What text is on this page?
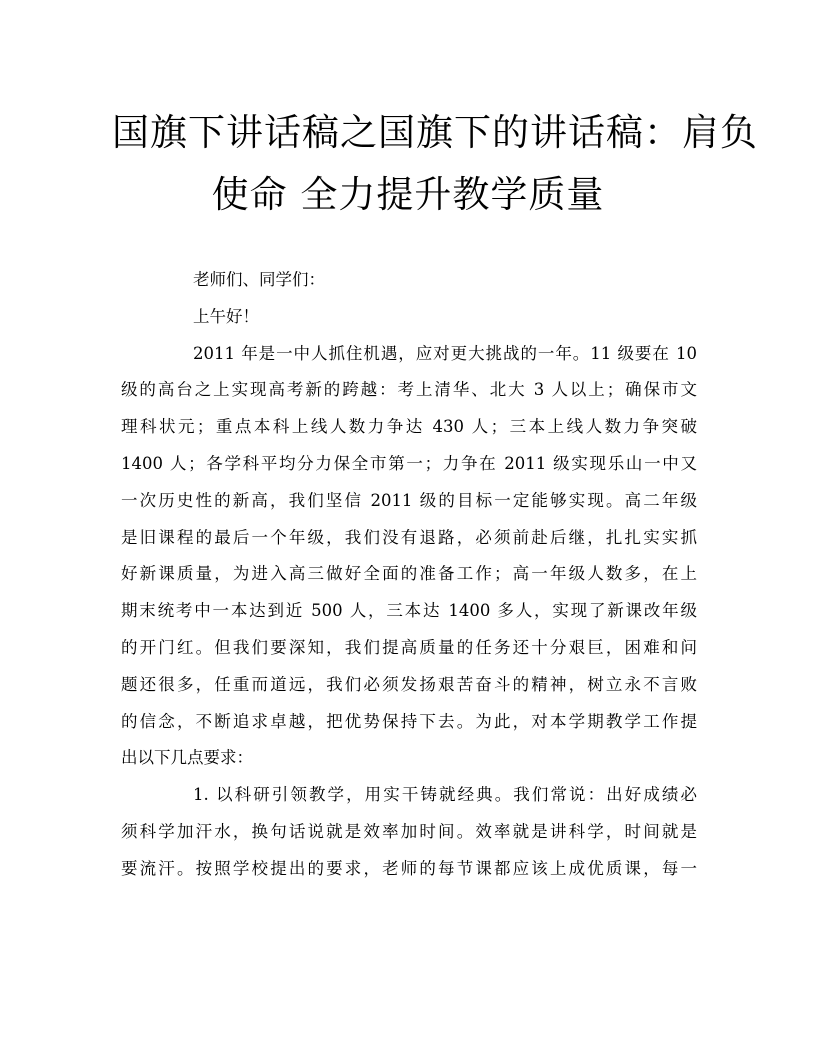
国旗下讲话稿之国旗下的讲话稿：肩负
使命 全力提升教学质量
老师们、同学们：
上午好！
2011 年是一中人抓住机遇，应对更大挑战的一年。11 级要在 10
级的高台之上实现高考新的跨越：考上清华、北大 3 人以上；确保市文
理科状元；重点本科上线人数力争达 430 人；三本上线人数力争突破
1400 人；各学科平均分力保全市第一；力争在 2011 级实现乐山一中又
一次历史性的新高，我们坚信 2011 级的目标一定能够实现。高二年级
是旧课程的最后一个年级，我们没有退路，必须前赴后继，扎扎实实抓
好新课质量，为进入高三做好全面的准备工作；高一年级人数多，在上
期末统考中一本达到近 500 人，三本达 1400 多人，实现了新课改年级
的开门红。但我们要深知，我们提高质量的任务还十分艰巨，困难和问
题还很多，任重而道远，我们必须发扬艰苦奋斗的精神，树立永不言败
的信念，不断追求卓越，把优势保持下去。为此，对本学期教学工作提
出以下几点要求：
1. 以科研引领教学，用实干铸就经典。我们常说：出好成绩必
须科学加汗水，换句话说就是效率加时间。效率就是讲科学，时间就是
要流汗。按照学校提出的要求，老师的每节课都应该上成优质课，每一
